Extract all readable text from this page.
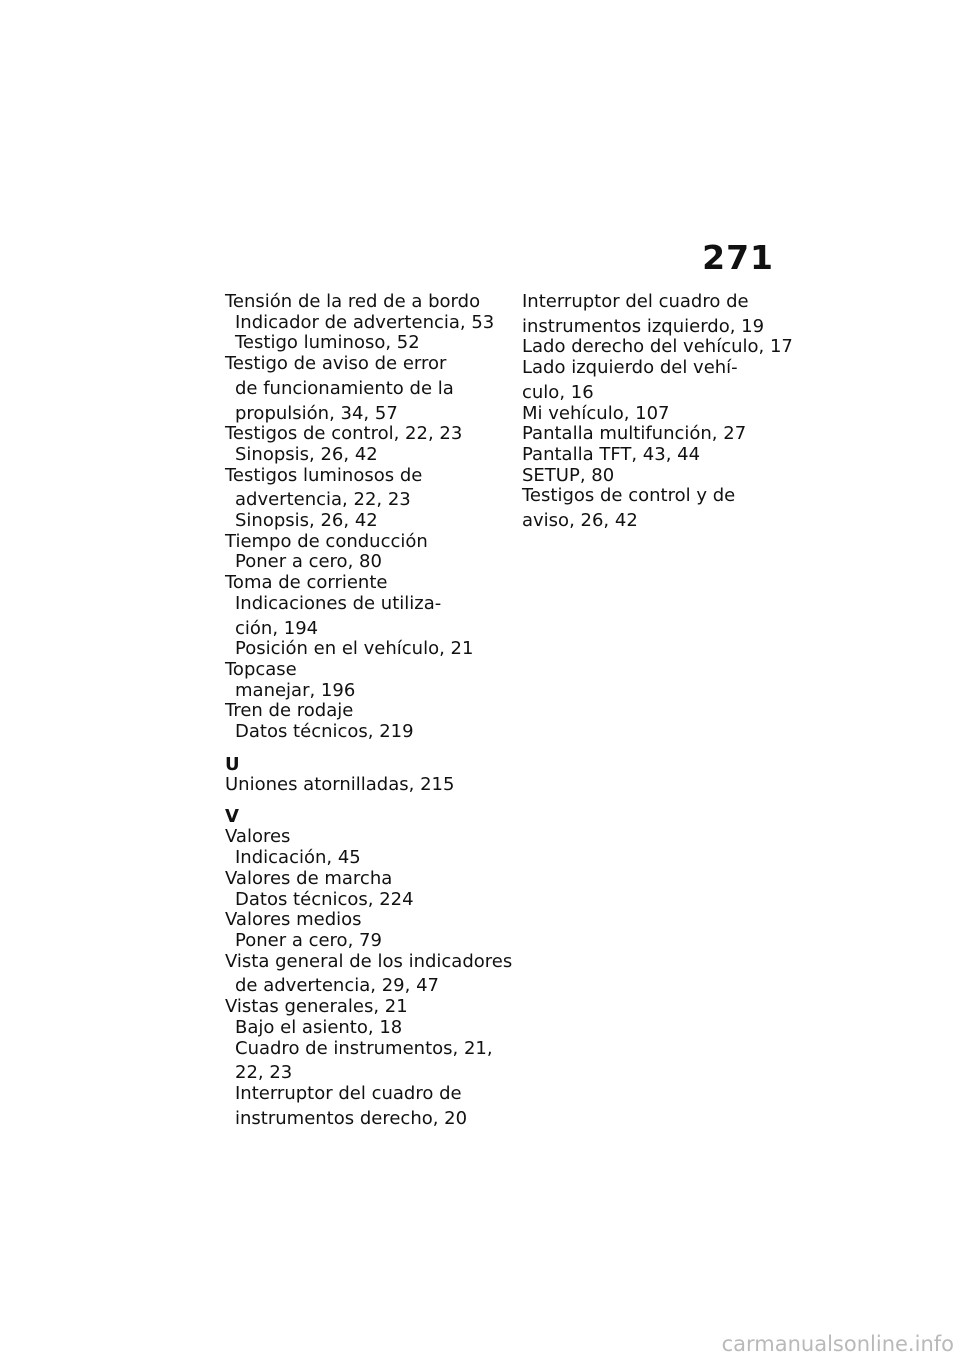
271
Tensión de la red de a bordo
Indicador de advertencia, 53
Testigo luminoso, 52
Testigo de aviso de error
de funcionamiento de la
propulsión, 34, 57
Testigos de control, 22, 23
Sinopsis, 26, 42
Testigos luminosos de
advertencia, 22, 23
Sinopsis, 26, 42
Tiempo de conducción
Poner a cero, 80
Toma de corriente
Indicaciones de utiliza-
ción, 194
Posición en el vehículo, 21
Topcase
manejar, 196
Tren de rodaje
Datos técnicos, 219
U
Uniones atornilladas, 215
V
Valores
Indicación, 45
Valores de marcha
Datos técnicos, 224
Valores medios
Poner a cero, 79
Vista general de los indicadores
de advertencia, 29, 47
Vistas generales, 21
Bajo el asiento, 18
Cuadro de instrumentos, 21,
22, 23
Interruptor del cuadro de
instrumentos derecho, 20
Interruptor del cuadro de
instrumentos izquierdo, 19
Lado derecho del vehículo, 17
Lado izquierdo del vehí-
culo, 16
Mi vehículo, 107
Pantalla multifunción, 27
Pantalla TFT, 43, 44
SETUP, 80
Testigos de control y de
aviso, 26, 42
carmanualsonline.info
